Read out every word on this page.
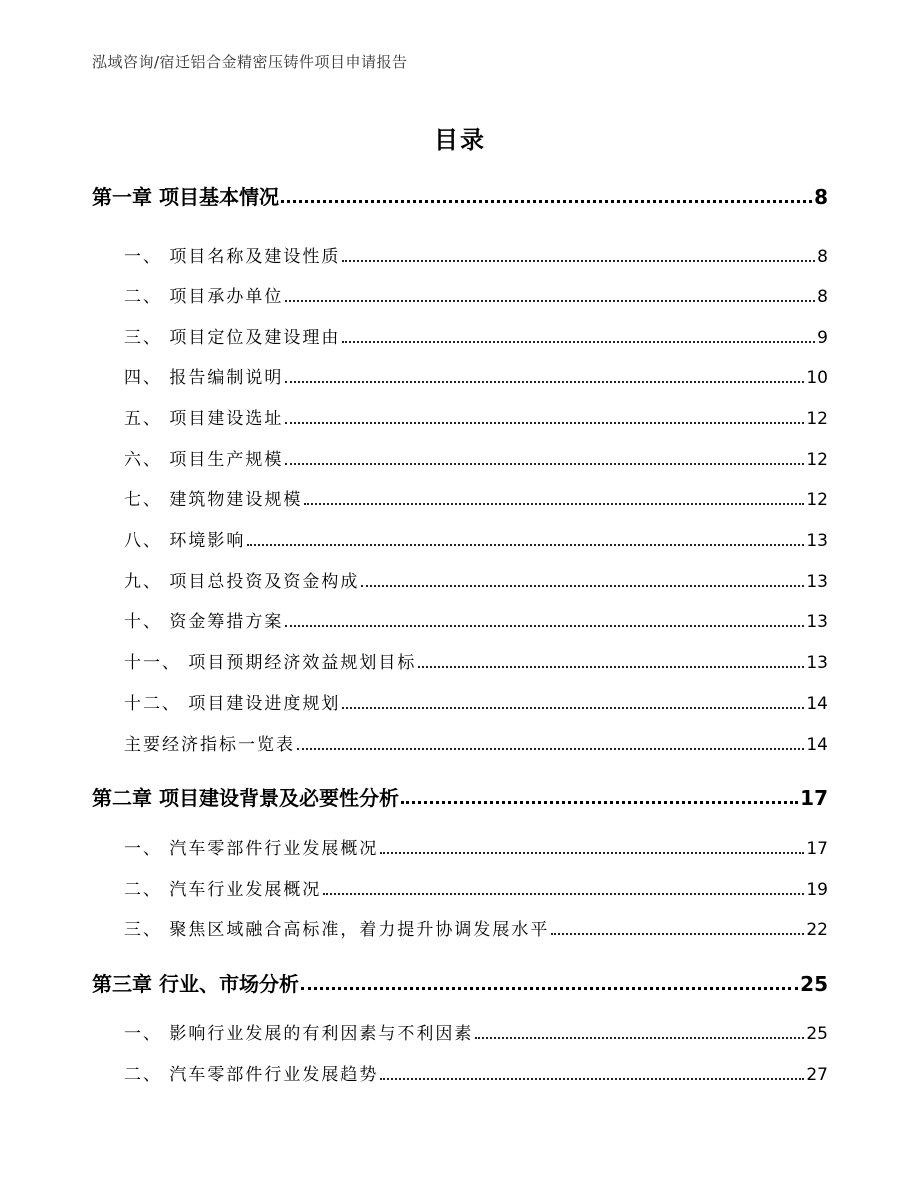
泓域咨询/宿迁铝合金精密压铸件项目申请报告
目录
第一章 项目基本情况	8
一、 项目名称及建设性质	8
二、 项目承办单位	8
三、 项目定位及建设理由	9
四、 报告编制说明	10
五、 项目建设选址	12
六、 项目生产规模	12
七、 建筑物建设规模	12
八、 环境影响	13
九、 项目总投资及资金构成	13
十、 资金筹措方案	13
十一、 项目预期经济效益规划目标	13
十二、 项目建设进度规划	14
主要经济指标一览表	14
第二章 项目建设背景及必要性分析	17
一、 汽车零部件行业发展概况	17
二、 汽车行业发展概况	19
三、 聚焦区域融合高标准，着力提升协调发展水平	22
第三章 行业、市场分析	25
一、 影响行业发展的有利因素与不利因素	25
二、 汽车零部件行业发展趋势	27
